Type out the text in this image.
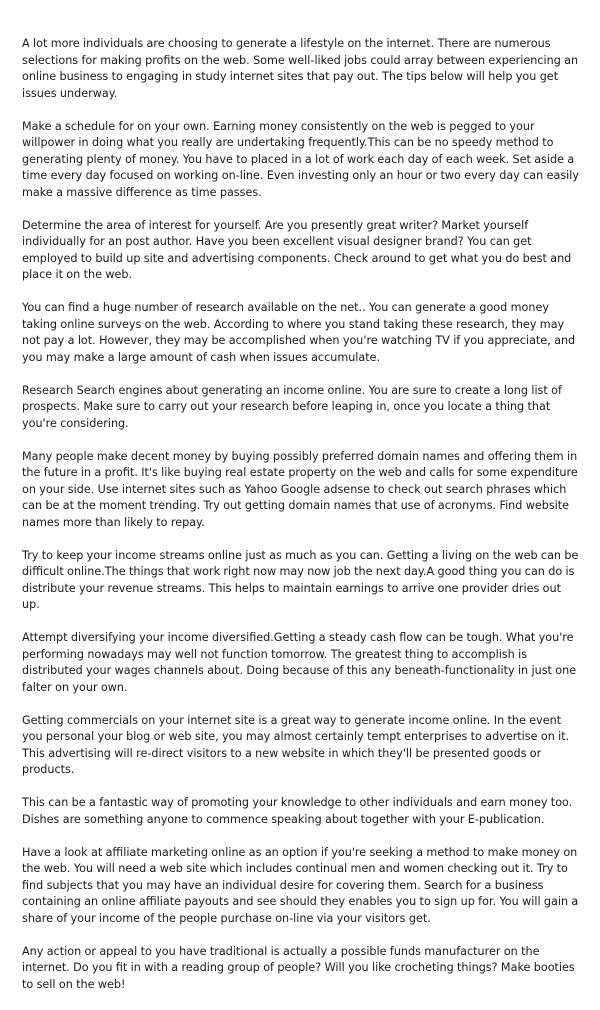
A lot more individuals are choosing to generate a lifestyle on the internet. There are numerous selections for making profits on the web. Some well-liked jobs could array between experiencing an online business to engaging in study internet sites that pay out. The tips below will help you get issues underway.

Make a schedule for on your own. Earning money consistently on the web is pegged to your willpower in doing what you really are undertaking frequently.This can be no speedy method to generating plenty of money. You have to placed in a lot of work each day of each week. Set aside a time every day focused on working on-line. Even investing only an hour or two every day can easily make a massive difference as time passes.

Determine the area of interest for yourself. Are you presently great writer? Market yourself individually for an post author. Have you been excellent visual designer brand? You can get employed to build up site and advertising components. Check around to get what you do best and place it on the web.

You can find a huge number of research available on the net.. You can generate a good money taking online surveys on the web. According to where you stand taking these research, they may not pay a lot. However, they may be accomplished when you're watching TV if you appreciate, and you may make a large amount of cash when issues accumulate.

Research Search engines about generating an income online. You are sure to create a long list of prospects. Make sure to carry out your research before leaping in, once you locate a thing that you're considering.

Many people make decent money by buying possibly preferred domain names and offering them in the future in a profit. It's like buying real estate property on the web and calls for some expenditure on your side. Use internet sites such as Yahoo Google adsense to check out search phrases which can be at the moment trending. Try out getting domain names that use of acronyms. Find website names more than likely to repay.

Try to keep your income streams online just as much as you can. Getting a living on the web can be difficult online.The things that work right now may now job the next day.A good thing you can do is distribute your revenue streams. This helps to maintain earnings to arrive one provider dries out up.

Attempt diversifying your income diversified.Getting a steady cash flow can be tough. What you're performing nowadays may well not function tomorrow. The greatest thing to accomplish is distributed your wages channels about. Doing because of this any beneath-functionality in just one falter on your own.

Getting commercials on your internet site is a great way to generate income online. In the event you personal your blog or web site, you may almost certainly tempt enterprises to advertise on it. This advertising will re-direct visitors to a new website in which they'll be presented goods or products.

This can be a fantastic way of promoting your knowledge to other individuals and earn money too. Dishes are something anyone to commence speaking about together with your E-publication.

Have a look at affiliate marketing online as an option if you're seeking a method to make money on the web. You will need a web site which includes continual men and women checking out it. Try to find subjects that you may have an individual desire for covering them. Search for a business containing an online affiliate payouts and see should they enables you to sign up for. You will gain a share of your income of the people purchase on-line via your visitors get.

Any action or appeal to you have traditional is actually a possible funds manufacturer on the internet. Do you fit in with a reading group of people? Will you like crocheting things? Make booties to sell on the web!
